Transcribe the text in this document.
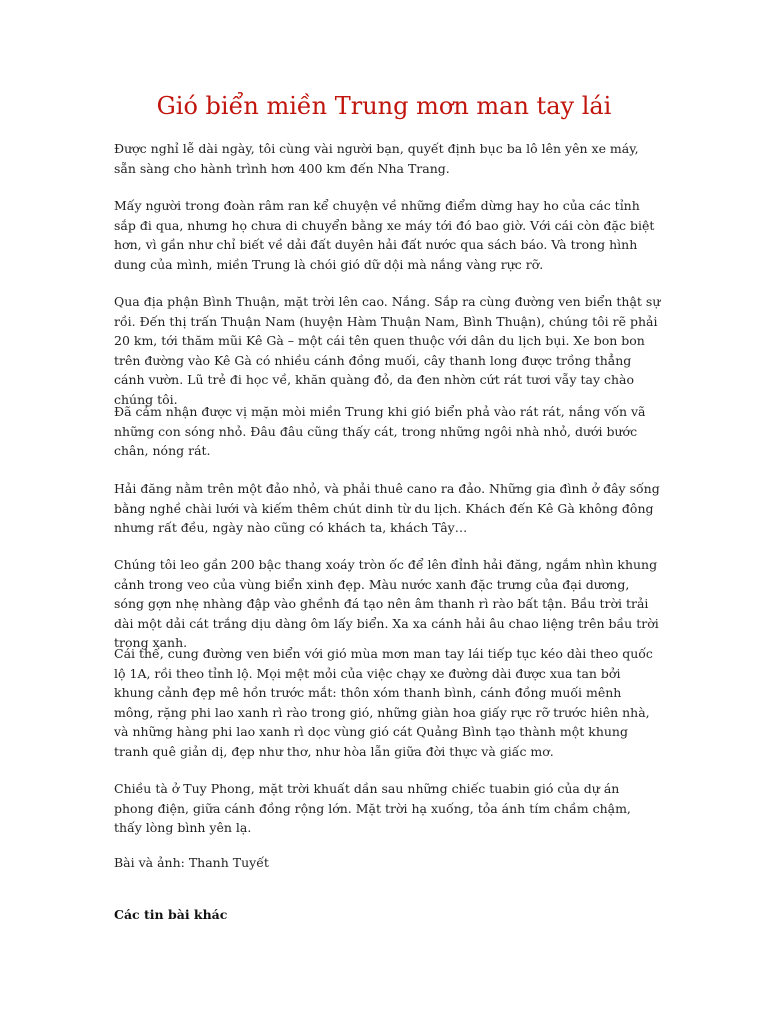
Gió biển miền Trung mơn man tay lái

Được nghỉ lễ dài ngày, tôi cùng vài người bạn, quyết định bục ba lô lên yên xe máy, sẵn sàng cho hành trình hơn 400 km đến Nha Trang.

Mấy người trong đoàn râm ran kể chuyện về những điểm dừng hay ho của các tỉnh sắp đi qua, nhưng họ chưa di chuyển bằng xe máy tới đó bao giờ. Với cái còn đặc biệt hơn, vì gần như chỉ biết về dải đất duyên hải đất nước qua sách báo. Và trong hình dung của mình, miền Trung là chói gió dữ dội mà nắng vàng rực rỡ.

Qua địa phận Bình Thuận, mặt trời lên cao. Nắng. Sắp ra cùng đường ven biển thật sự rồi. Đến thị trấn Thuận Nam (huyện Hàm Thuận Nam, Bình Thuận), chúng tôi rẽ phải 20 km, tới thăm mũi Kê Gà – một cái tên quen thuộc với dân du lịch bụi. Xe bon bon trên đường vào Kê Gà có nhiều cánh đồng muối, cây thanh long được trồng thẳng cánh vườn. Lũ trẻ đi học về, khăn quàng đỏ, da đen nhờn cứt rát tươi vẫy tay chào chúng tôi.

Đã cảm nhận được vị mặn mòi miền Trung khi gió biển phả vào rát rát, nắng vốn vã những con sóng nhỏ. Đâu đâu cũng thấy cát, trong những ngôi nhà nhỏ, dưới bước chân, nóng rát.

Hải đăng nằm trên một đảo nhỏ, và phải thuê cano ra đảo. Những gia đình ở đây sống bằng nghề chài lưới và kiếm thêm chút dinh từ du lịch. Khách đến Kê Gà không đông nhưng rất đều, ngày nào cũng có khách ta, khách Tây…

Chúng tôi leo gần 200 bậc thang xoáy tròn ốc để lên đỉnh hải đăng, ngắm nhìn khung cảnh trong veo của vùng biển xinh đẹp. Màu nước xanh đặc trưng của đại dương, sóng gợn nhẹ nhàng đập vào ghềnh đá tạo nên âm thanh rì rào bất tận. Bầu trời trải dài một dải cát trắng dịu dàng ôm lấy biển. Xa xa cánh hải âu chao liệng trên bầu trời trong xanh.

Cái thế, cung đường ven biển với gió mùa mơn man tay lái tiếp tục kéo dài theo quốc lộ 1A, rồi theo tỉnh lộ. Mọi mệt mỏi của việc chạy xe đường dài được xua tan bởi khung cảnh đẹp mê hồn trước mắt: thôn xóm thanh bình, cánh đồng muối mênh mông, rặng phi lao xanh rì rào trong gió, những giàn hoa giấy rực rỡ trước hiên nhà, và những hàng phi lao xanh rì dọc vùng gió cát Quảng Bình tạo thành một khung tranh quê giản dị, đẹp như thơ, như hòa lẫn giữa đời thực và giấc mơ.

Chiều tà ở Tuy Phong, mặt trời khuất dần sau những chiếc tuabin gió của dự án phong điện, giữa cánh đồng rộng lớn. Mặt trời hạ xuống, tỏa ánh tím chầm chậm, thấy lòng bình yên lạ.

Bài và ảnh: Thanh Tuyết

Các tin bài khác
